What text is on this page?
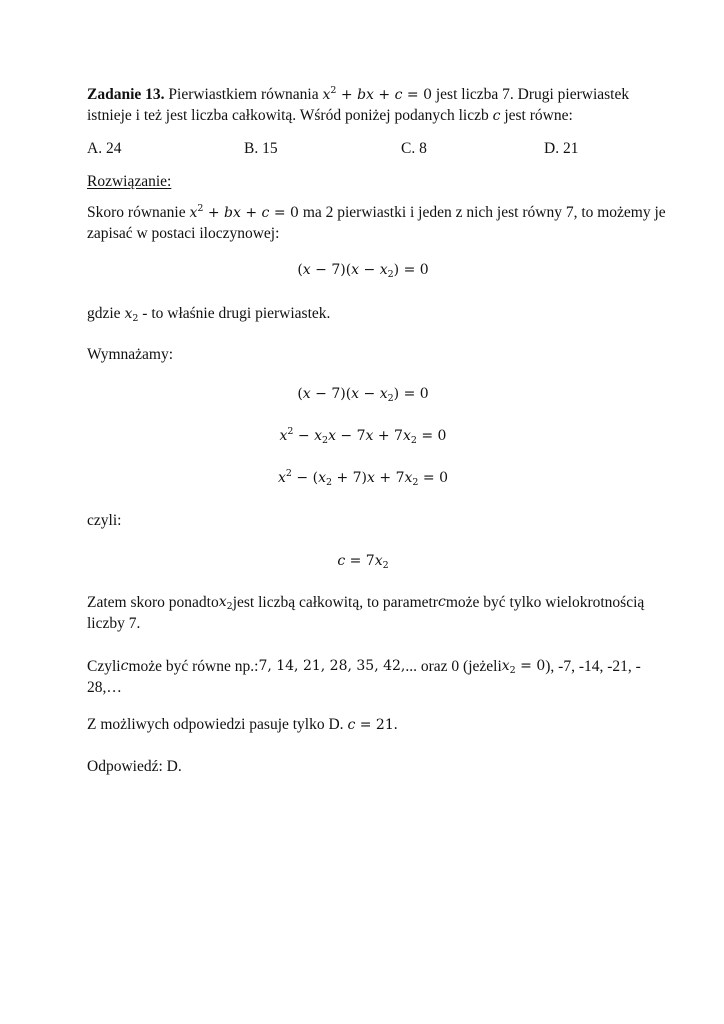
Zadanie 13. Pierwiastkiem równania $x^2$ + bx + c = 0 jest liczba 7. Drugi pierwiastek
istnieje i też jest liczba całkowitą. Wśród poniżej podanych liczb c jest równe:
A. 24	B. 15	C. 8	D. 21
Rozwiązanie:
Skoro równanie $x^2$ + bx + c = 0 ma 2 pierwiastki i jeden z nich jest równy 7, to możemy je
zapisać w postaci iloczynowej:
$(x - 7)(x - x_2) = 0$
gdzie $x_2$ - to właśnie drugi pierwiastek.
Wymnażamy:
$(x - 7)(x - x_2) = 0$
$x^2 - x_2x - 7x + 7x_2 = 0$
$x^2 - (x_2 + 7)x + 7x_2 = 0$
czyli:
$c = 7x_2$
Zatem skoro ponadto $x_2$ jest liczbą całkowitą, to parametr c może być tylko wielokrotnością
liczby 7.
Czyli c może być równe np.: 7, 14, 21, 28, 35, 42, ... oraz 0 (jeżeli $x_2 = 0$ ), -7, -14, -21, -
28,…
Z możliwych odpowiedzi pasuje tylko D. c = 21.
Odpowiedź: D.
